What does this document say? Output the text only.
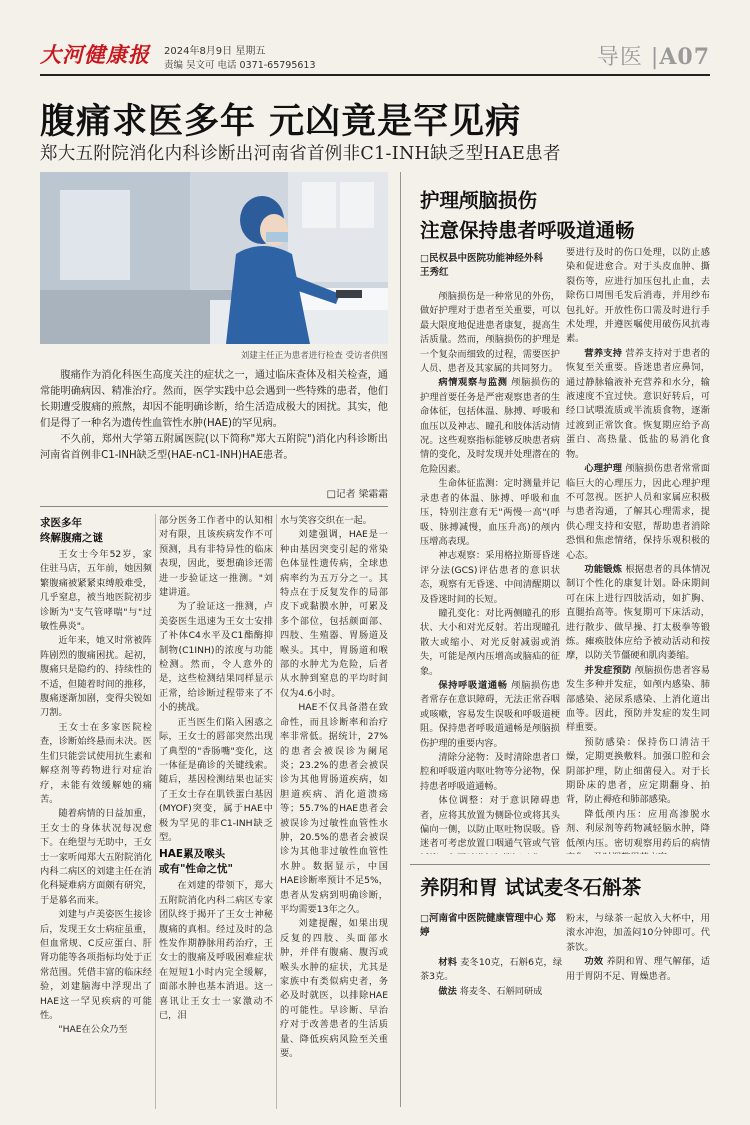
大河健康报 2024年8月9日 星期五
责编 吴文可 电话 0371-65795613	导医 |A07
腹痛求医多年 元凶竟是罕见病
郑大五附院消化内科诊断出河南省首例非C1-INH缺乏型HAE患者
刘建主任正为患者进行检查 受访者供图

腹痛作为消化科医生高度关注的症状之一，通过临床查体及相关检查，通常能明确病因、精准治疗。然而，医学实践中总会遇到一些特殊的患者，他们长期遭受腹痛的煎熬，却因不能明确诊断，给生活造成极大的困扰。其实，他们是得了一种名为遗传性血管性水肿(HAE)的罕见病。

不久前，郑州大学第五附属医院(以下简称"郑大五附院")消化内科诊断出河南省首例非C1-INH缺乏型(HAE-nC1-INH)HAE患者。

□记者 梁霜霜
求医多年
终解腹痛之谜

王女士今年52岁，家住驻马店，五年前，她因频繁腹痛被紧紧束缚般难受，几乎窒息，被当地医院初步诊断为"支气管哮喘"与"过敏性鼻炎"。

近年来，她又时常被阵阵剧烈的腹痛困扰。起初，腹痛只是隐约的、持续性的不适，但随着时间的推移，腹痛逐渐加剧，变得尖锐如刀割。

王女士在多家医院检查，诊断始终悬而未决。医生们只能尝试使用抗生素和解痉剂等药物进行对症治疗，未能有效缓解她的痛苦。

随着病情的日益加重，王女士的身体状况每况愈下。在绝望与无助中，王女士一家听闻郑大五附院消化内科二病区的刘建主任在消化科疑难病方面颇有研究，于是慕名而来。

刘建与卢美姿医生接诊后，发现王女士病症虽重，但血常规、C反应蛋白、肝肾功能等各项指标均处于正常范围。凭借丰富的临床经验，刘建脑海中浮现出了HAE这一罕见疾病的可能性。

"HAE在公众乃至

部分医务工作者中的认知相对有限，且该疾病发作不可预测，具有非特异性的临床表现，因此，要想确诊还需进一步验证这一推测。"刘建讲道。

为了验证这一推测，卢美姿医生迅速为王女士安排了补体C4水平及C1酯酶抑制物(C1INH)的浓度与功能检测。然而，令人意外的是，这些检测结果同样显示正常，给诊断过程带来了不小的挑战。

正当医生们陷入困惑之际，王女士的唇部突然出现了典型的"香肠嘴"变化，这一体征是确诊的关键线索。随后，基因检测结果也证实了王女士存在肌铁蛋白基因(MYOF)突变，属于HAE中极为罕见的非C1-INH缺乏型。

HAE累及喉头
或有"性命之忧"

在刘建的带领下，郑大五附院消化内科二病区专家团队终于揭开了王女士神秘腹痛的真相。经过及时的急性发作期静脉用药治疗，王女士的腹痛及呼吸困难症状在短短1小时内完全缓解，面部水肿也基本消退。这一喜讯让王女士一家激动不已，泪

水与笑容交织在一起。

刘建强调，HAE是一种由基因突变引起的常染色体显性遗传病，全球患病率约为五万分之一。其特点在于反复发作的局部皮下或黏膜水肿，可累及多个部位，包括颜面部、四肢、生殖器、胃肠道及喉头。其中，胃肠道和喉部的水肿尤为危险，后者从水肿到窒息的平均时间仅为4.6小时。

HAE不仅具备潜在致命性，而且诊断率和治疗率非常低。据统计，27%的患者会被误诊为阑尾炎；23.2%的患者会被误诊为其他胃肠道疾病，如胆道疾病、消化道溃疡等；55.7%的HAE患者会被误诊为过敏性血管性水肿，20.5%的患者会被误诊为其他非过敏性血管性水肿。数据显示，中国HAE诊断率预计不足5%，患者从发病到明确诊断，平均需要13年之久。

刘建提醒，如果出现反复的四肢、头面部水肿，并伴有腹痛、腹泻或喉头水肿的症状，尤其是家族中有类似病史者，务必及时就医，以排除HAE的可能性。早诊断、早治疗对于改善患者的生活质量、降低疾病风险至关重要。

护理颅脑损伤
注意保持患者呼吸道通畅
□民权县中医院功能神经外科 王秀红

颅脑损伤是一种常见的外伤，做好护理对于患者至关重要，可以最大限度地促进患者康复，提高生活质量。然而，颅脑损伤的护理是一个复杂而细致的过程，需要医护人员、患者及其家属的共同努力。

病情观察与监测 颅脑损伤的护理首要任务是严密观察患者的生命体征，包括体温、脉搏、呼吸和血压以及神志、瞳孔和肢体活动情况。这些观察指标能够反映患者病情的变化，及时发现并处理潜在的危险因素。

生命体征监测：定时测量并记录患者的体温、脉搏、呼吸和血压，特别注意有无"两慢一高"(呼吸、脉搏减慢，血压升高)的颅内压增高表现。

神志观察：采用格拉斯哥昏迷评分法(GCS)评估患者的意识状态，观察有无昏迷、中间清醒期以及昏迷时间的长短。

瞳孔变化：对比两侧瞳孔的形状、大小和对光反射。若出现瞳孔散大或缩小、对光反射减弱或消失，可能是颅内压增高或脑疝的征象。

保持呼吸道通畅 颅脑损伤患者常存在意识障碍，无法正常吞咽或咳嗽，容易发生误吸和呼吸道梗阻。保持患者呼吸道通畅是颅脑损伤护理的重要内容。

清除分泌物：及时清除患者口腔和呼吸道内呕吐物等分泌物，保持患者呼吸道通畅。

体位调整：对于意识障碍患者，应将其放置为侧卧位或将其头偏向一侧，以防止呕吐物误吸。昏迷者可考虑放置口咽通气管或气管

要进行及时的伤口处理，以防止感染和促进愈合。对于头皮血肿、撕裂伤等，应进行加压包扎止血，去除伤口周围毛发后消毒，并用纱布包扎好。开放性伤口需及时进行手术处理，并遵医嘱使用破伤风抗毒素。

营养支持 营养支持对于患者的恢复至关重要。昏迷患者应鼻饲，通过静脉输液补充营养和水分，输液速度不宜过快。意识好转后，可经口试喂流质或半流质食物，逐渐过渡到正常饮食。恢复期应给予高蛋白、高热量、低盐的易消化食物。

心理护理 颅脑损伤患者常常面临巨大的心理压力，因此心理护理不可忽视。医护人员和家属应积极与患者沟通，了解其心理需求，提供心理支持和安慰，帮助患者消除恐惧和焦虑情绪，保持乐观积极的心态。

功能锻炼 根据患者的具体情况制订个性化的康复计划。卧床期间可在床上进行四肢活动，如扩胸、直腿抬高等。恢复期可下床活动，进行散步、做早操、打太极拳等锻炼。瘫痪肢体应给予被动活动和按摩，以防关节僵硬和肌肉萎缩。

并发症预防 颅脑损伤患者容易发生多种并发症，如颅内感染、肺部感染、泌尿系感染、上消化道出血等。因此，预防并发症的发生同样重要。

预防感染：保持伤口清洁干燥，定期更换敷料。加强口腔和会阴部护理，防止细菌侵入。对于长期卧床的患者，应定期翻身、拍背，防止褥疮和肺部感染。

降低颅内压：应用高渗脱水剂、利尿剂等药物减轻脑水肿，降低颅内压。密切观察用药后的病情

养阴和胃 试试麦冬石斛茶
□河南省中医院健康管理中心 郑婷

材料 麦冬10克，石斛6克，绿茶3克。

做法 将麦冬、石斛同研成

粉末，与绿茶一起放入大杯中，用滚水冲泡，加盖闷10分钟即可。代茶饮。

功效 养阴和胃、理气解郁，适用于胃阴不足、胃燥患者。
